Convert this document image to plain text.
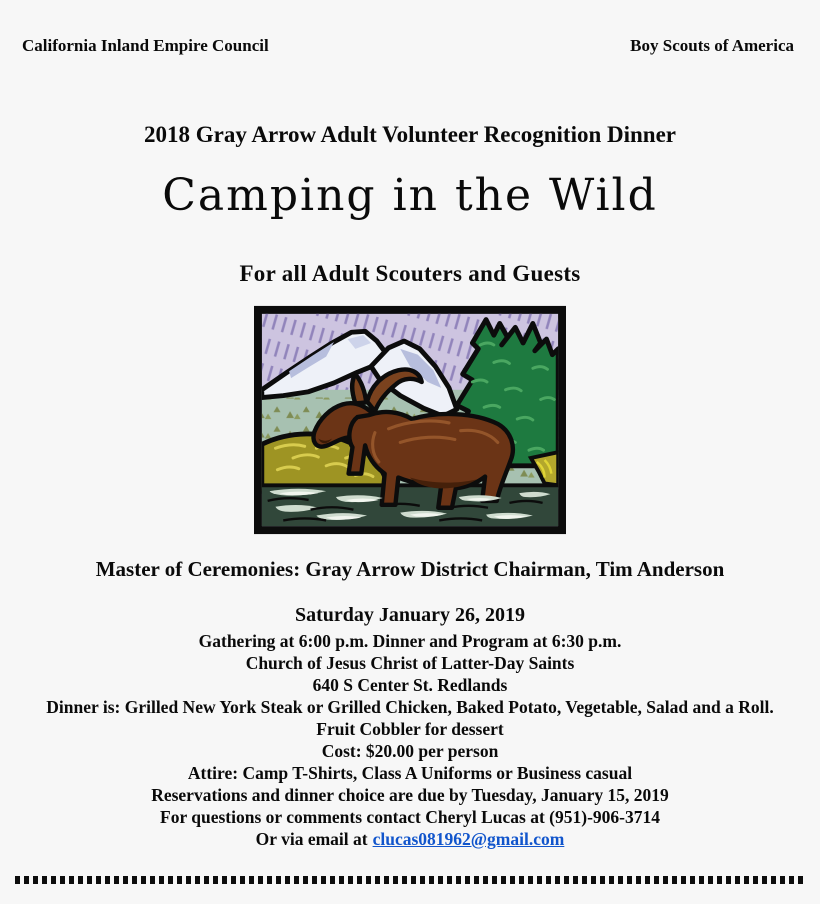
California Inland Empire Council	Boy Scouts of America
2018 Gray Arrow Adult Volunteer Recognition Dinner
Camping in the Wild
For all Adult Scouters and Guests
Master of Ceremonies: Gray Arrow District Chairman, Tim Anderson
Saturday January 26, 2019
Gathering at 6:00 p.m. Dinner and Program at 6:30 p.m.
Church of Jesus Christ of Latter-Day Saints
640 S Center St. Redlands
Dinner is: Grilled New York Steak or Grilled Chicken, Baked Potato, Vegetable, Salad and a Roll.
Fruit Cobbler for dessert
Cost: $20.00 per person
Attire: Camp T-Shirts, Class A Uniforms or Business casual
Reservations and dinner choice are due by Tuesday, January 15, 2019
For questions or comments contact Cheryl Lucas at (951)-906-3714
Or via email at clucas081962@gmail.com
